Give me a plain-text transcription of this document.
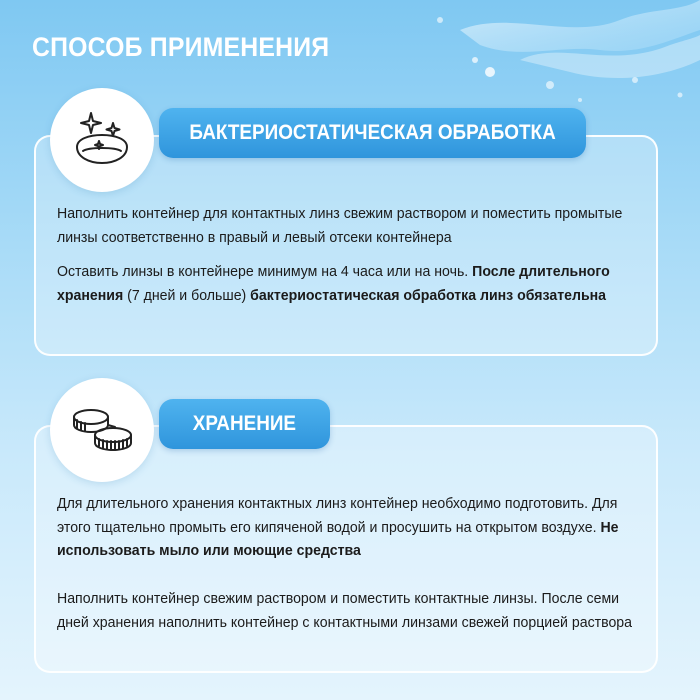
СПОСОБ ПРИМЕНЕНИЯ
БАКТЕРИОСТАТИЧЕСКАЯ ОБРАБОТКА
Наполнить контейнер для контактных линз свежим раствором и поместить промытые линзы соответственно в правый и левый отсеки контейнера
Оставить линзы в контейнере минимум на 4 часа или на ночь. После длительного хранения (7 дней и больше) бактериостатическая обработка линз обязательна
ХРАНЕНИЕ
Для длительного хранения контактных линз контейнер необходимо подготовить. Для этого тщательно промыть его кипяченой водой и просушить на открытом воздухе. Не использовать мыло или моющие средства
Наполнить контейнер свежим раствором и поместить контактные линзы. После семи дней хранения наполнить контейнер с контактными линзами свежей порцией раствора
